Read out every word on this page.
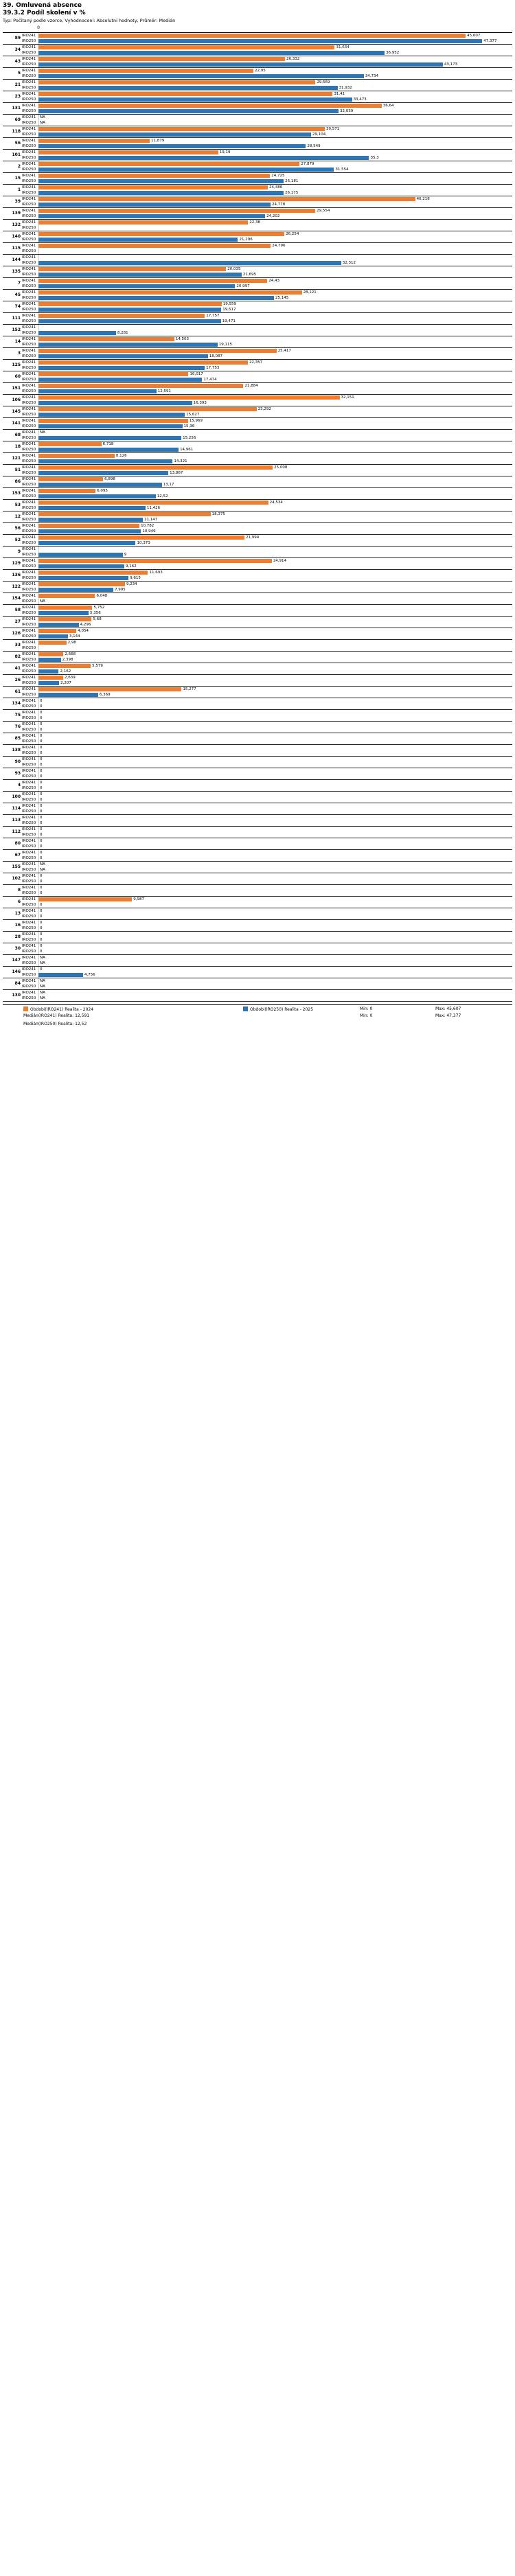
39. Omluvená absence
39.3.2 Podíl skolení v %
Typ: Počítaný podle vzorce, Vyhodnocení: Absolutní hodnoty, Průměr: Medián
0
89 IRO241	45,607
IRO250	47,377
34 IRO241	31,634
IRO250	36,952
43 IRO241	26,332
IRO250	43,173
5 IRO241	22,95
IRO250	34,734
21 IRO241	29,569
IRO250	31,932
23 IRO241	31,41
IRO250	33,473
131 IRO241	36,64
IRO250	32,039
69 IRO241	NA
IRO250	NA
118 IRO241	30,571
IRO250	29,104
56 IRO241	11,879
IRO250	28,549
101 IRO241	19,19
IRO250	35,3
2 IRO241	27,879
IRO250	31,554
15 IRO241	24,725
IRO250	26,181
1 IRO241	24,486
IRO250	26,175
39 IRO241	40,218
IRO250	24,778
139 IRO241	29,554
IRO250	24,202
132 IRO241	22,38
IRO250
140 IRO241	26,254
IRO250	21,296
115 IRO241	24,796
IRO250
144 IRO241
IRO250	32,312
135 IRO241	20,035
IRO250	21,695
7 IRO241	24,43
IRO250	20,997
45 IRO241	28,121
IRO250	25,145
74 IRO241	19,559
IRO250	19,517
111 IRO241	17,757
IRO250	19,471
152 IRO241
IRO250	8,281
14 IRO241	14,503
IRO250	19,115
3 IRO241	25,417
IRO250	18,087
125 IRO241	22,357
IRO250	17,753
60 IRO241	16,017
IRO250	17,474
151 IRO241	21,884
IRO250	12,591
106 IRO241	32,151
IRO250	16,393
145 IRO241	23,292
IRO250	15,627
141 IRO241	15,969
IRO250	15,36
68 IRO241	NA
IRO250	15,256
18 IRO241	6,718
IRO250	14,961
121 IRO241	8,126
IRO250	14,321
51 IRO241	25,008
IRO250	13,867
86 IRO241	6,898
IRO250	13,17
153 IRO241	6,095
IRO250	12,52
53 IRO241	24,534
IRO250	11,426
12 IRO241	18,375
IRO250	11,147
56 IRO241	10,782
IRO250	10,949
52 IRO241	21,994
IRO250	10,373
9 IRO241
IRO250	9
129 IRO241	24,914
IRO250	9,162
136 IRO241	11,693
IRO250	9,615
122 IRO241	9,234
IRO250	7,995
154 IRO241	6,048
IRO250	NA
58 IRO241	5,752
IRO250	5,356
27 IRO241	5,68
IRO250	4,296
126 IRO241	4,054
IRO250	3,144
33 IRO241	2,98
IRO250
82 IRO241	2,668
IRO250	2,398
41 IRO241	5,579
IRO250	2,162
26 IRO241	2,639
IRO250	2,207
61 IRO241	15,277
IRO250	6,369
134 IRO241	0
IRO250	0
75 IRO241	0
IRO250	0
76 IRO241	0
IRO250	0
85 IRO241	0
IRO250	0
138 IRO241	0
IRO250	0
90 IRO241	0
IRO250	0
93 IRO241	0
IRO250	0
4 IRO241	0
IRO250	0
100 IRO241	0
IRO250	0
114 IRO241	0
IRO250	0
113 IRO241	0
IRO250	0
112 IRO241	0
IRO250	0
80 IRO241	0
IRO250	0
67 IRO241	0
IRO250	0
155 IRO241	NA
IRO250	NA
102 IRO241	0
IRO250	0
8 IRO241	0
IRO250	0
6 IRO241	9,987
IRO250	0
13 IRO241	0
IRO250	0
16 IRO241	0
IRO250	0
28 IRO241	0
IRO250	0
30 IRO241	0
IRO250	0
147 IRO241	NA
IRO250	NA
146 IRO241	0
IRO250	4,756
84 IRO241	NA
IRO250	NA
130 IRO241	NA
IRO250	NA
Obdobi(IRO241) Realita - 2024	Obdobi(IRO250) Realita - 2025	Min: 0	Max: 45,607
Medián(IRO241) Realita: 12,591	Min: 0	Max: 47,377
Medián(IRO250) Realita: 12,52
